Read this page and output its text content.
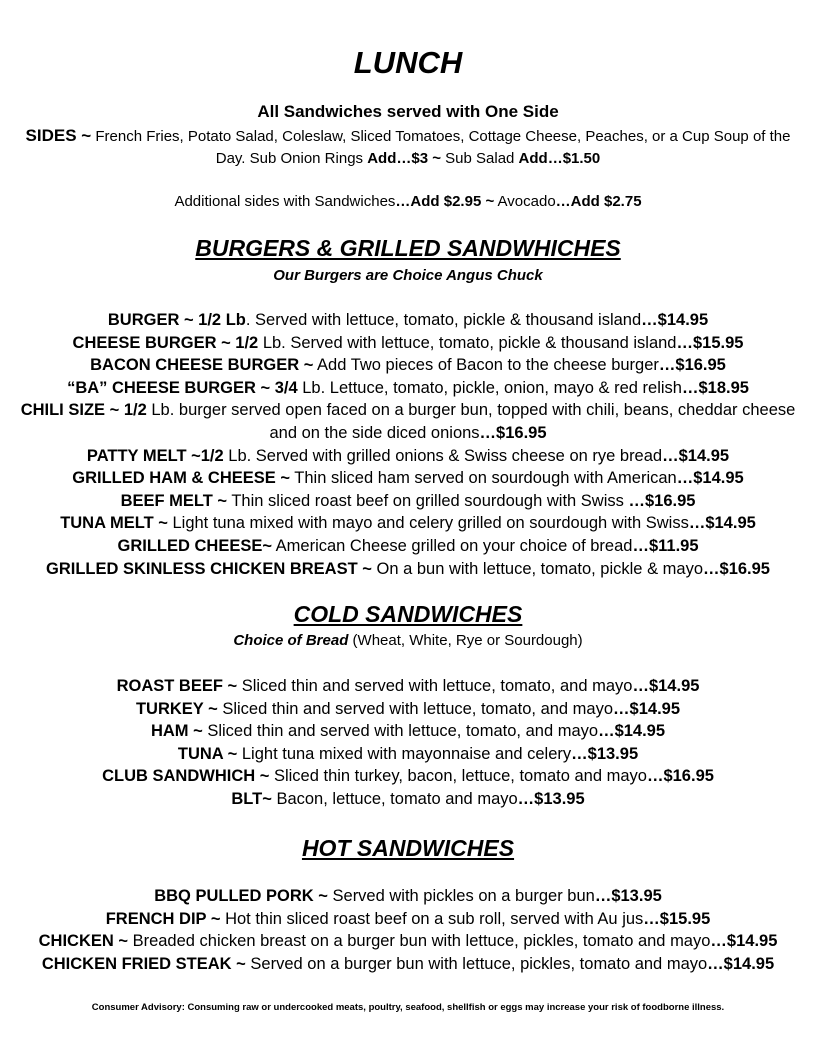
LUNCH
All Sandwiches served with One Side
SIDES ~ French Fries, Potato Salad, Coleslaw, Sliced Tomatoes, Cottage Cheese, Peaches, or a Cup Soup of the Day. Sub Onion Rings Add…$3 ~ Sub Salad Add…$1.50
Additional sides with Sandwiches…Add $2.95 ~ Avocado…Add $2.75
BURGERS & GRILLED SANDWHICHES
Our Burgers are Choice Angus Chuck
BURGER ~ 1/2 Lb. Served with lettuce, tomato, pickle & thousand island…$14.95
CHEESE BURGER ~ 1/2 Lb. Served with lettuce, tomato, pickle & thousand island…$15.95
BACON CHEESE BURGER ~ Add Two pieces of Bacon to the cheese burger…$16.95
“BA” CHEESE BURGER ~ 3/4 Lb. Lettuce, tomato, pickle, onion, mayo & red relish…$18.95
CHILI SIZE ~ 1/2 Lb. burger served open faced on a burger bun, topped with chili, beans, cheddar cheese and on the side diced onions…$16.95
PATTY MELT ~1/2 Lb. Served with grilled onions & Swiss cheese on rye bread…$14.95
GRILLED HAM & CHEESE ~ Thin sliced ham served on sourdough with American…$14.95
BEEF MELT ~ Thin sliced roast beef on grilled sourdough with Swiss …$16.95
TUNA MELT ~ Light tuna mixed with mayo and celery grilled on sourdough with Swiss…$14.95
GRILLED CHEESE~ American Cheese grilled on your choice of bread…$11.95
GRILLED SKINLESS CHICKEN BREAST ~ On a bun with lettuce, tomato, pickle & mayo…$16.95
COLD SANDWICHES
Choice of Bread (Wheat, White, Rye or Sourdough)
ROAST BEEF ~ Sliced thin and served with lettuce, tomato, and mayo…$14.95
TURKEY ~ Sliced thin and served with lettuce, tomato, and mayo…$14.95
HAM ~ Sliced thin and served with lettuce, tomato, and mayo…$14.95
TUNA ~ Light tuna mixed with mayonnaise and celery…$13.95
CLUB SANDWHICH ~ Sliced thin turkey, bacon, lettuce, tomato and mayo…$16.95
BLT~ Bacon, lettuce, tomato and mayo…$13.95
HOT SANDWICHES
BBQ PULLED PORK ~ Served with pickles on a burger bun…$13.95
FRENCH DIP ~ Hot thin sliced roast beef on a sub roll, served with Au jus…$15.95
CHICKEN ~ Breaded chicken breast on a burger bun with lettuce, pickles, tomato and mayo…$14.95
CHICKEN FRIED STEAK ~ Served on a burger bun with lettuce, pickles, tomato and mayo…$14.95
Consumer Advisory: Consuming raw or undercooked meats, poultry, seafood, shellfish or eggs may increase your risk of foodborne illness.
